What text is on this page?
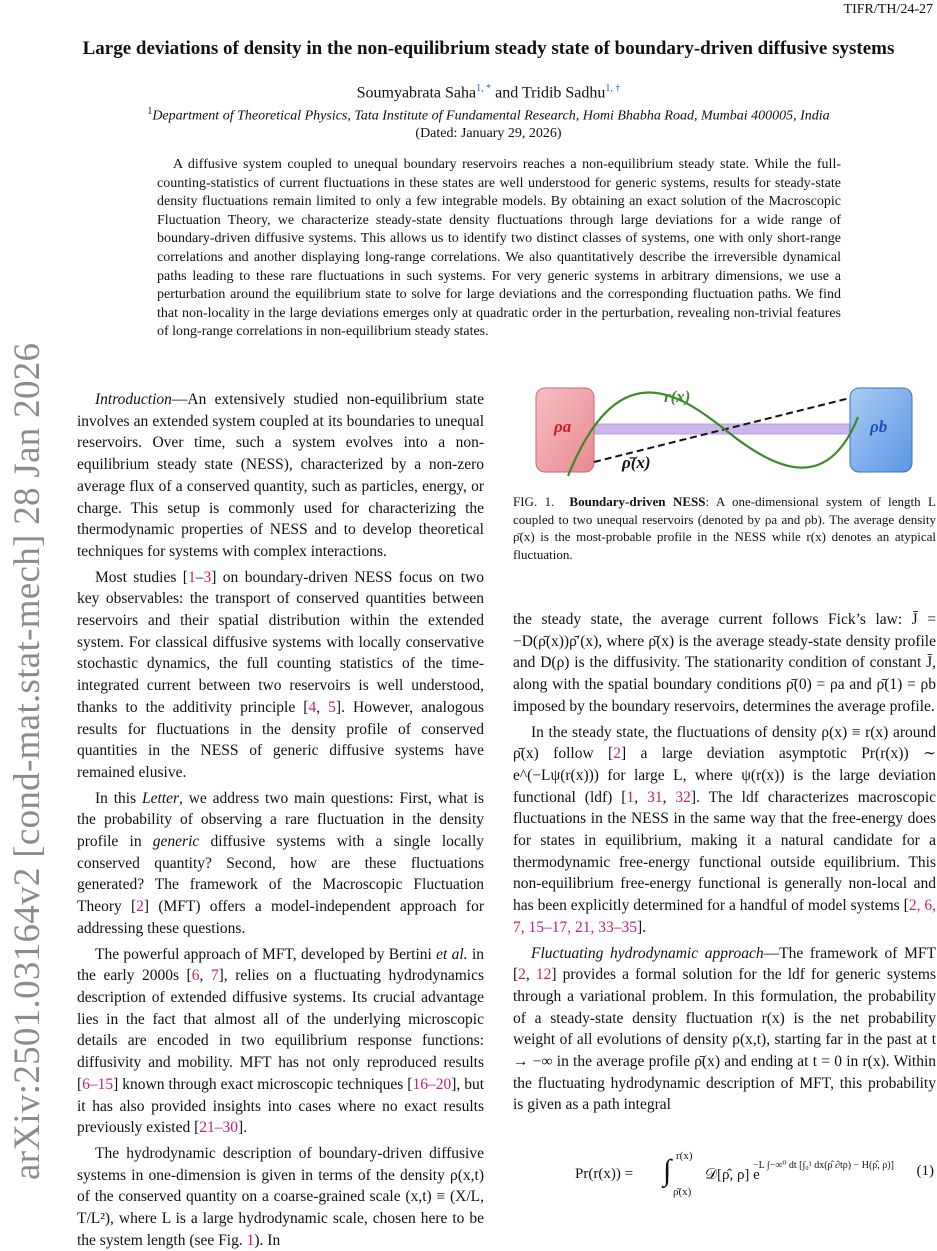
TIFR/TH/24-27
arXiv:2501.03164v2 [cond-mat.stat-mech] 28 Jan 2026
Large deviations of density in the non-equilibrium steady state of boundary-driven diffusive systems
Soumyabrata Saha$^{1, *}$ and Tridib Sadhu$^{1, \dagger}$
$^1$Department of Theoretical Physics, Tata Institute of Fundamental Research, Homi Bhabha Road, Mumbai 400005, India
(Dated: January 29, 2026)

A diffusive system coupled to unequal boundary reservoirs reaches a non-equilibrium steady state. While the full-counting-statistics of current fluctuations in these states are well understood for generic systems, results for steady-state density fluctuations remain limited to only a few integrable models. By obtaining an exact solution of the Macroscopic Fluctuation Theory, we characterize steady-state density fluctuations through large deviations for a wide range of boundary-driven diffusive systems. This allows us to identify two distinct classes of systems, one with only short-range correlations and another displaying long-range correlations. We also quantitatively describe the irreversible dynamical paths leading to these rare fluctuations in such systems. For very generic systems in arbitrary dimensions, we use a perturbation around the equilibrium state to solve for large deviations and the corresponding fluctuation paths. We find that non-locality in the large deviations emerges only at quadratic order in the perturbation, revealing non-trivial features of long-range correlations in non-equilibrium steady states.

Introduction—An extensively studied non-equilibrium state involves an extended system coupled at its boundaries to unequal reservoirs. Over time, such a system evolves into a non-equilibrium steady state (NESS), characterized by a non-zero average flux of a conserved quantity, such as particles, energy, or charge. This setup is commonly used for characterizing the thermodynamic properties of NESS and to develop theoretical techniques for systems with complex interactions.

Most studies [1–3] on boundary-driven NESS focus on two key observables: the transport of conserved quantities between reservoirs and their spatial distribution within the extended system. For classical diffusive systems with locally conservative stochastic dynamics, the full counting statistics of the time-integrated current between two reservoirs is well understood, thanks to the additivity principle [4, 5]. However, analogous results for fluctuations in the density profile of conserved quantities in the NESS of generic diffusive systems have remained elusive.

In this Letter, we address two main questions: First, what is the probability of observing a rare fluctuation in the density profile in generic diffusive systems with a single locally conserved quantity? Second, how are these fluctuations generated? The framework of the Macroscopic Fluctuation Theory [2] (MFT) offers a model-independent approach for addressing these questions.

The powerful approach of MFT, developed by Bertini et al. in the early 2000s [6, 7], relies on a fluctuating hydrodynamics description of extended diffusive systems. Its crucial advantage lies in the fact that almost all of the underlying microscopic details are encoded in two equilibrium response functions: diffusivity and mobility. MFT has not only reproduced results [6–15] known through exact microscopic techniques [16–20], but it has also provided insights into cases where no exact results previously existed [21–30].

The hydrodynamic description of boundary-driven diffusive systems in one-dimension is given in terms of the density ρ(x,t) of the conserved quantity on a coarse-grained scale (x,t) ≡ (X/L, T/L²), where L is a large hydrodynamic scale, chosen here to be the system length (see Fig. 1). In

ρa	ρb
r(x)
ρ̄(x)
FIG. 1. Boundary-driven NESS: A one-dimensional system of length L coupled to two unequal reservoirs (denoted by ρa and ρb). The average density ρ̄(x) is the most-probable profile in the NESS while r(x) denotes an atypical fluctuation.

the steady state, the average current follows Fick’s law: J̄ = −D(ρ̄(x))ρ̄′(x), where ρ̄(x) is the average steady-state density profile and D(ρ) is the diffusivity. The stationarity condition of constant J̄, along with the spatial boundary conditions ρ̄(0) = ρa and ρ̄(1) = ρb imposed by the boundary reservoirs, determines the average profile.

In the steady state, the fluctuations of density ρ(x) ≡ r(x) around ρ̄(x) follow [2] a large deviation asymptotic Pr(r(x)) ∼ e^(−Lψ(r(x))) for large L, where ψ(r(x)) is the large deviation functional (ldf) [1, 31, 32]. The ldf characterizes macroscopic fluctuations in the NESS in the same way that the free-energy does for states in equilibrium, making it a natural candidate for a thermodynamic free-energy functional outside equilibrium. This non-equilibrium free-energy functional is generally non-local and has been explicitly determined for a handful of model systems [2, 6, 7, 15–17, 21, 33–35].

Fluctuating hydrodynamic approach—The framework of MFT [2, 12] provides a formal solution for the ldf for generic systems through a variational problem. In this formulation, the probability of a steady-state density fluctuation r(x) is the net probability weight of all evolutions of density ρ(x,t), starting far in the past at t → −∞ in the average profile ρ̄(x) and ending at t = 0 in r(x). Within the fluctuating hydrodynamic description of MFT, this probability is given as a path integral

Pr(r(x)) = ∫ r(x)
ρ̄(x)
𝒟[ρ̂, ρ] e
−L ∫−∞⁰ dt [∫₀¹ dx(ρ̂ ∂tρ) − H(ρ̂, ρ)] (1)
